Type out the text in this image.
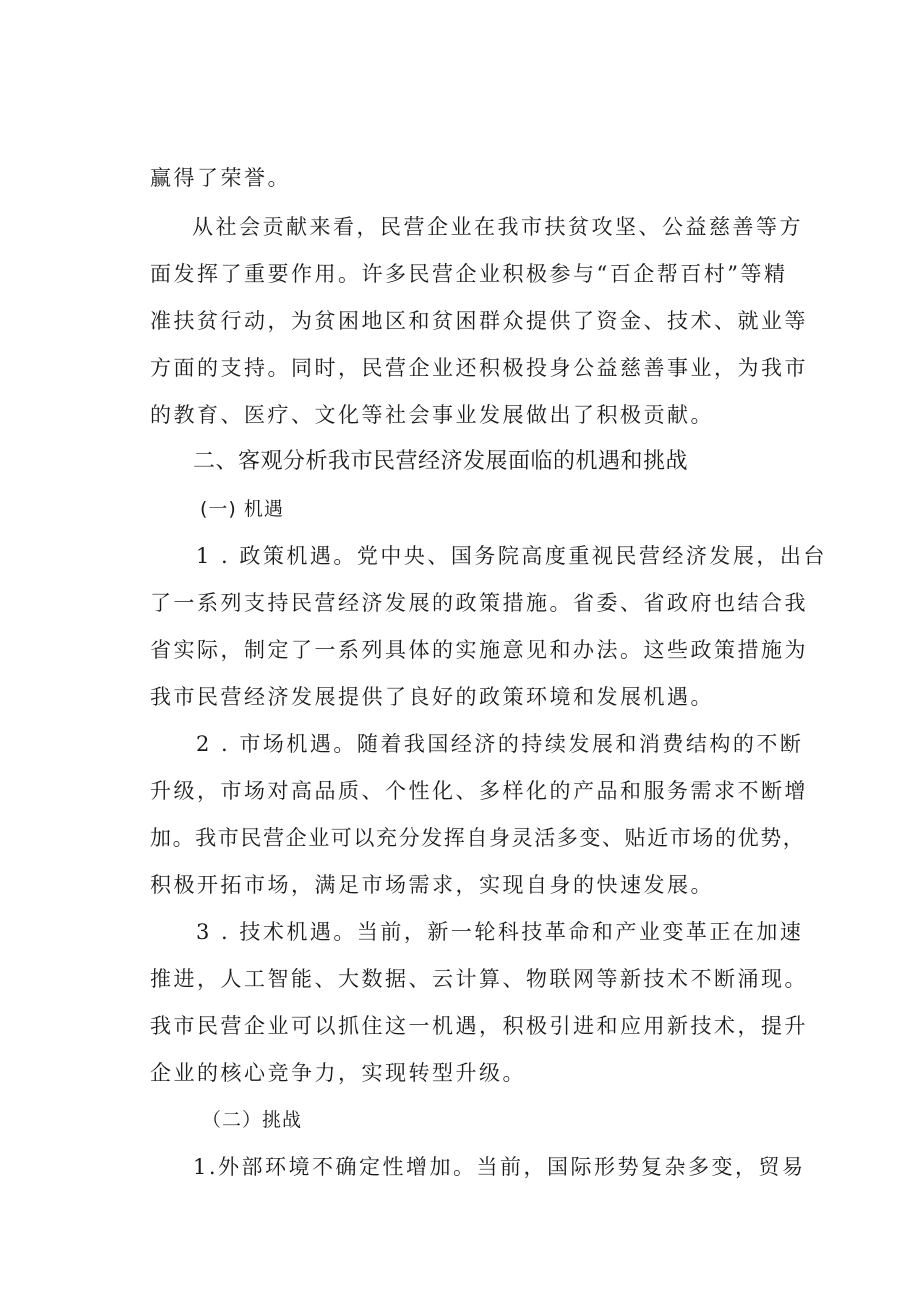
赢得了荣誉。
从社会贡献来看，民营企业在我市扶贫攻坚、公益慈善等方
面发挥了重要作用。许多民营企业积极参与“百企帮百村”等精
准扶贫行动，为贫困地区和贫困群众提供了资金、技术、就业等
方面的支持。同时，民营企业还积极投身公益慈善事业，为我市
的教育、医疗、文化等社会事业发展做出了积极贡献。
二、客观分析我市民营经济发展面临的机遇和挑战
(一) 机遇
1 . 政策机遇。党中央、国务院高度重视民营经济发展，出台
了一系列支持民营经济发展的政策措施。省委、省政府也结合我
省实际，制定了一系列具体的实施意见和办法。这些政策措施为
我市民营经济发展提供了良好的政策环境和发展机遇。
2 . 市场机遇。随着我国经济的持续发展和消费结构的不断
升级，市场对高品质、个性化、多样化的产品和服务需求不断增
加。我市民营企业可以充分发挥自身灵活多变、贴近市场的优势，
积极开拓市场，满足市场需求，实现自身的快速发展。
3 . 技术机遇。当前，新一轮科技革命和产业变革正在加速
推进，人工智能、大数据、云计算、物联网等新技术不断涌现。
我市民营企业可以抓住这一机遇，积极引进和应用新技术，提升
企业的核心竞争力，实现转型升级。
（二）挑战
1.外部环境不确定性增加。当前，国际形势复杂多变，贸易
